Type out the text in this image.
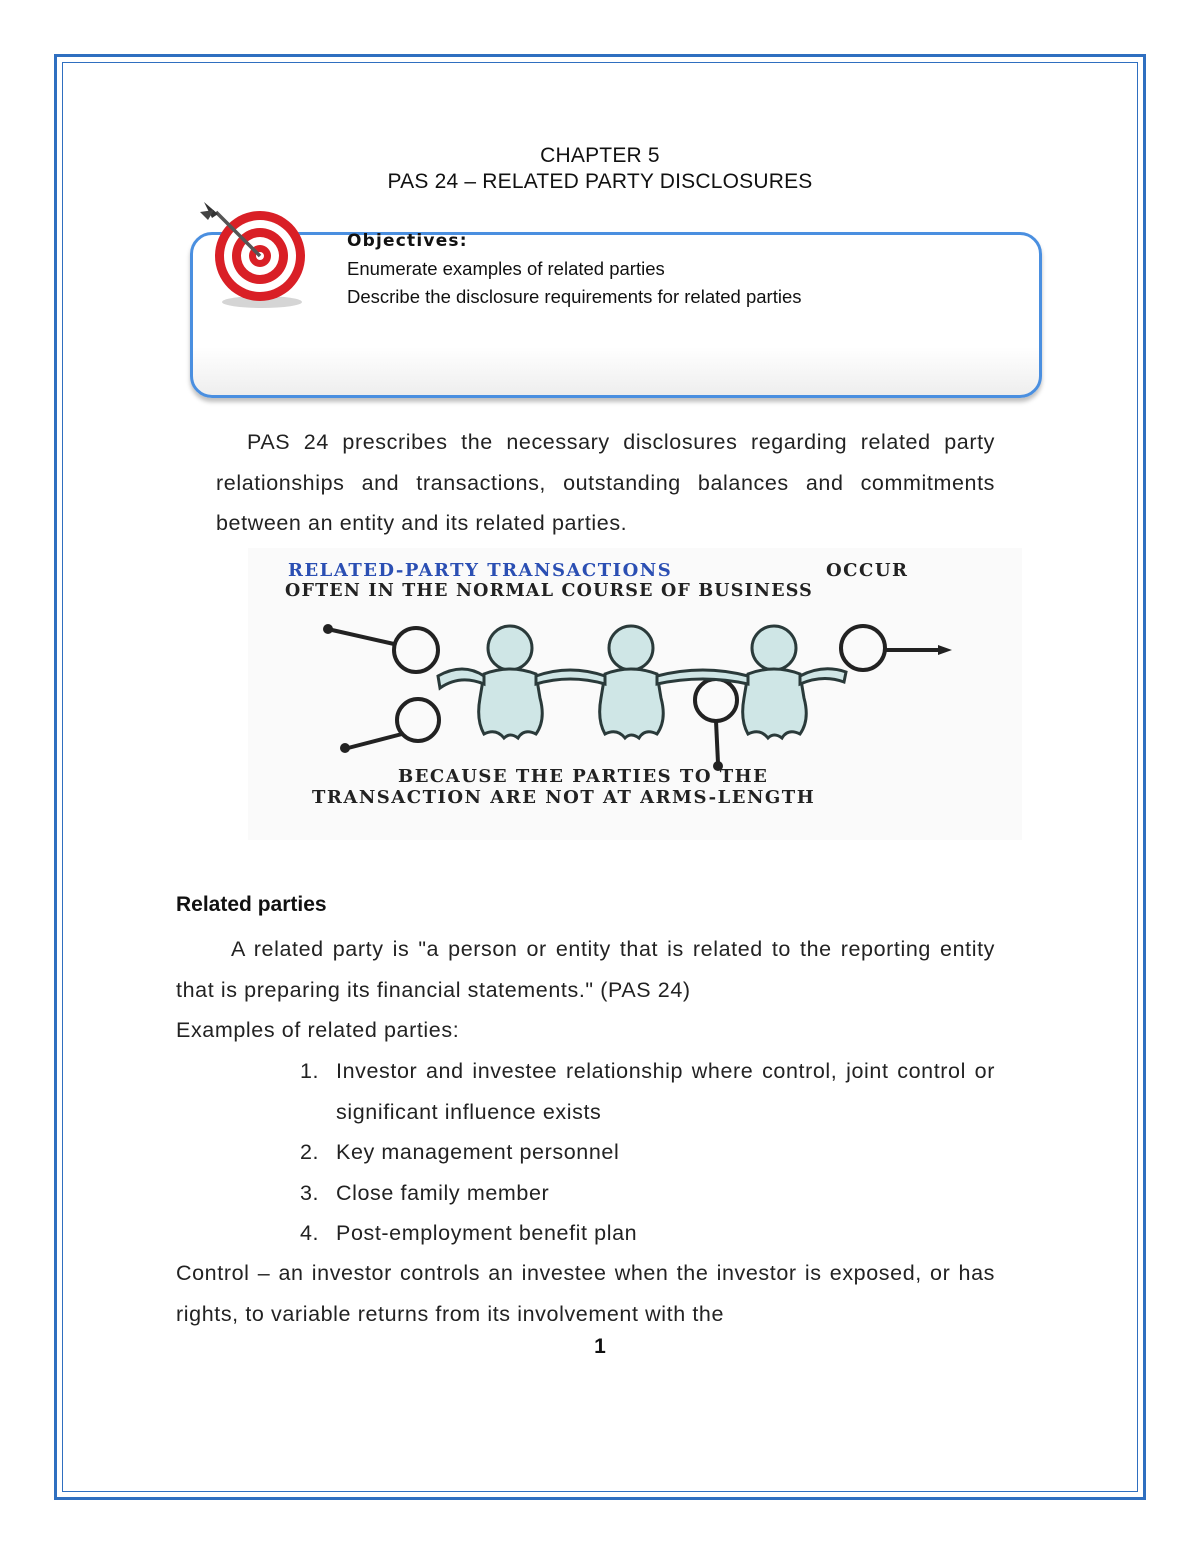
CHAPTER 5
PAS 24 – RELATED PARTY DISCLOSURES
Objectives:
Enumerate examples of related parties
Describe the disclosure requirements for related parties

PAS 24 prescribes the necessary disclosures regarding related party relationships and transactions, outstanding balances and commitments between an entity and its related parties.

RELATED-PARTY TRANSACTIONS	OCCUR
OFTEN IN THE NORMAL COURSE OF BUSINESS
BECAUSE THE PARTIES TO THE
TRANSACTION ARE NOT AT ARMS-LENGTH
Related parties

A related party is "a person or entity that is related to the reporting entity that is preparing its financial statements." (PAS 24)

Examples of related parties:

1. Investor and investee relationship where control, joint control or significant influence exists
2. Key management personnel
3. Close family member
4. Post-employment benefit plan

Control – an investor controls an investee when the investor is exposed, or has rights, to variable returns from its involvement with the

1
